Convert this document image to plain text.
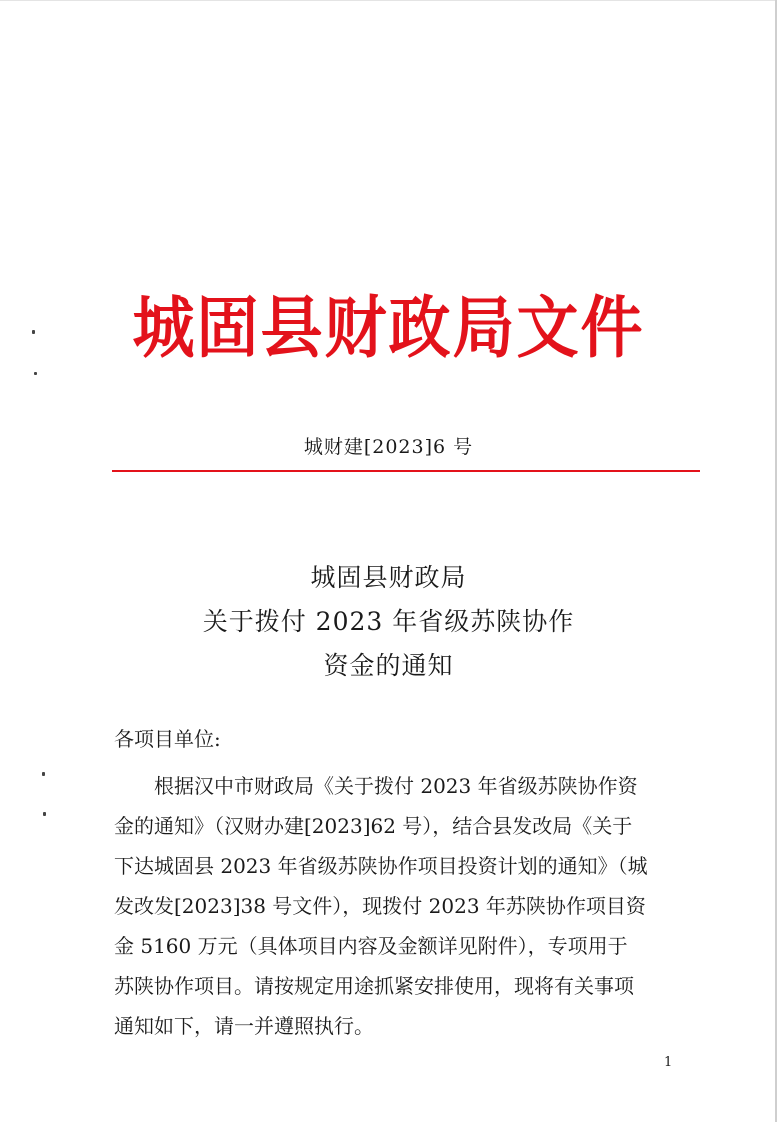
城固县财政局文件
城财建[2023]6 号
城固县财政局
关于拨付 2023 年省级苏陕协作
资金的通知
各项目单位:
根据汉中市财政局《关于拨付 2023 年省级苏陕协作资
金的通知》（汉财办建[2023]62 号），结合县发改局《关于
下达城固县 2023 年省级苏陕协作项目投资计划的通知》（城
发改发[2023]38 号文件），现拨付 2023 年苏陕协作项目资
金 5160 万元（具体项目内容及金额详见附件），专项用于
苏陕协作项目。请按规定用途抓紧安排使用，现将有关事项
通知如下，请一并遵照执行。
1
